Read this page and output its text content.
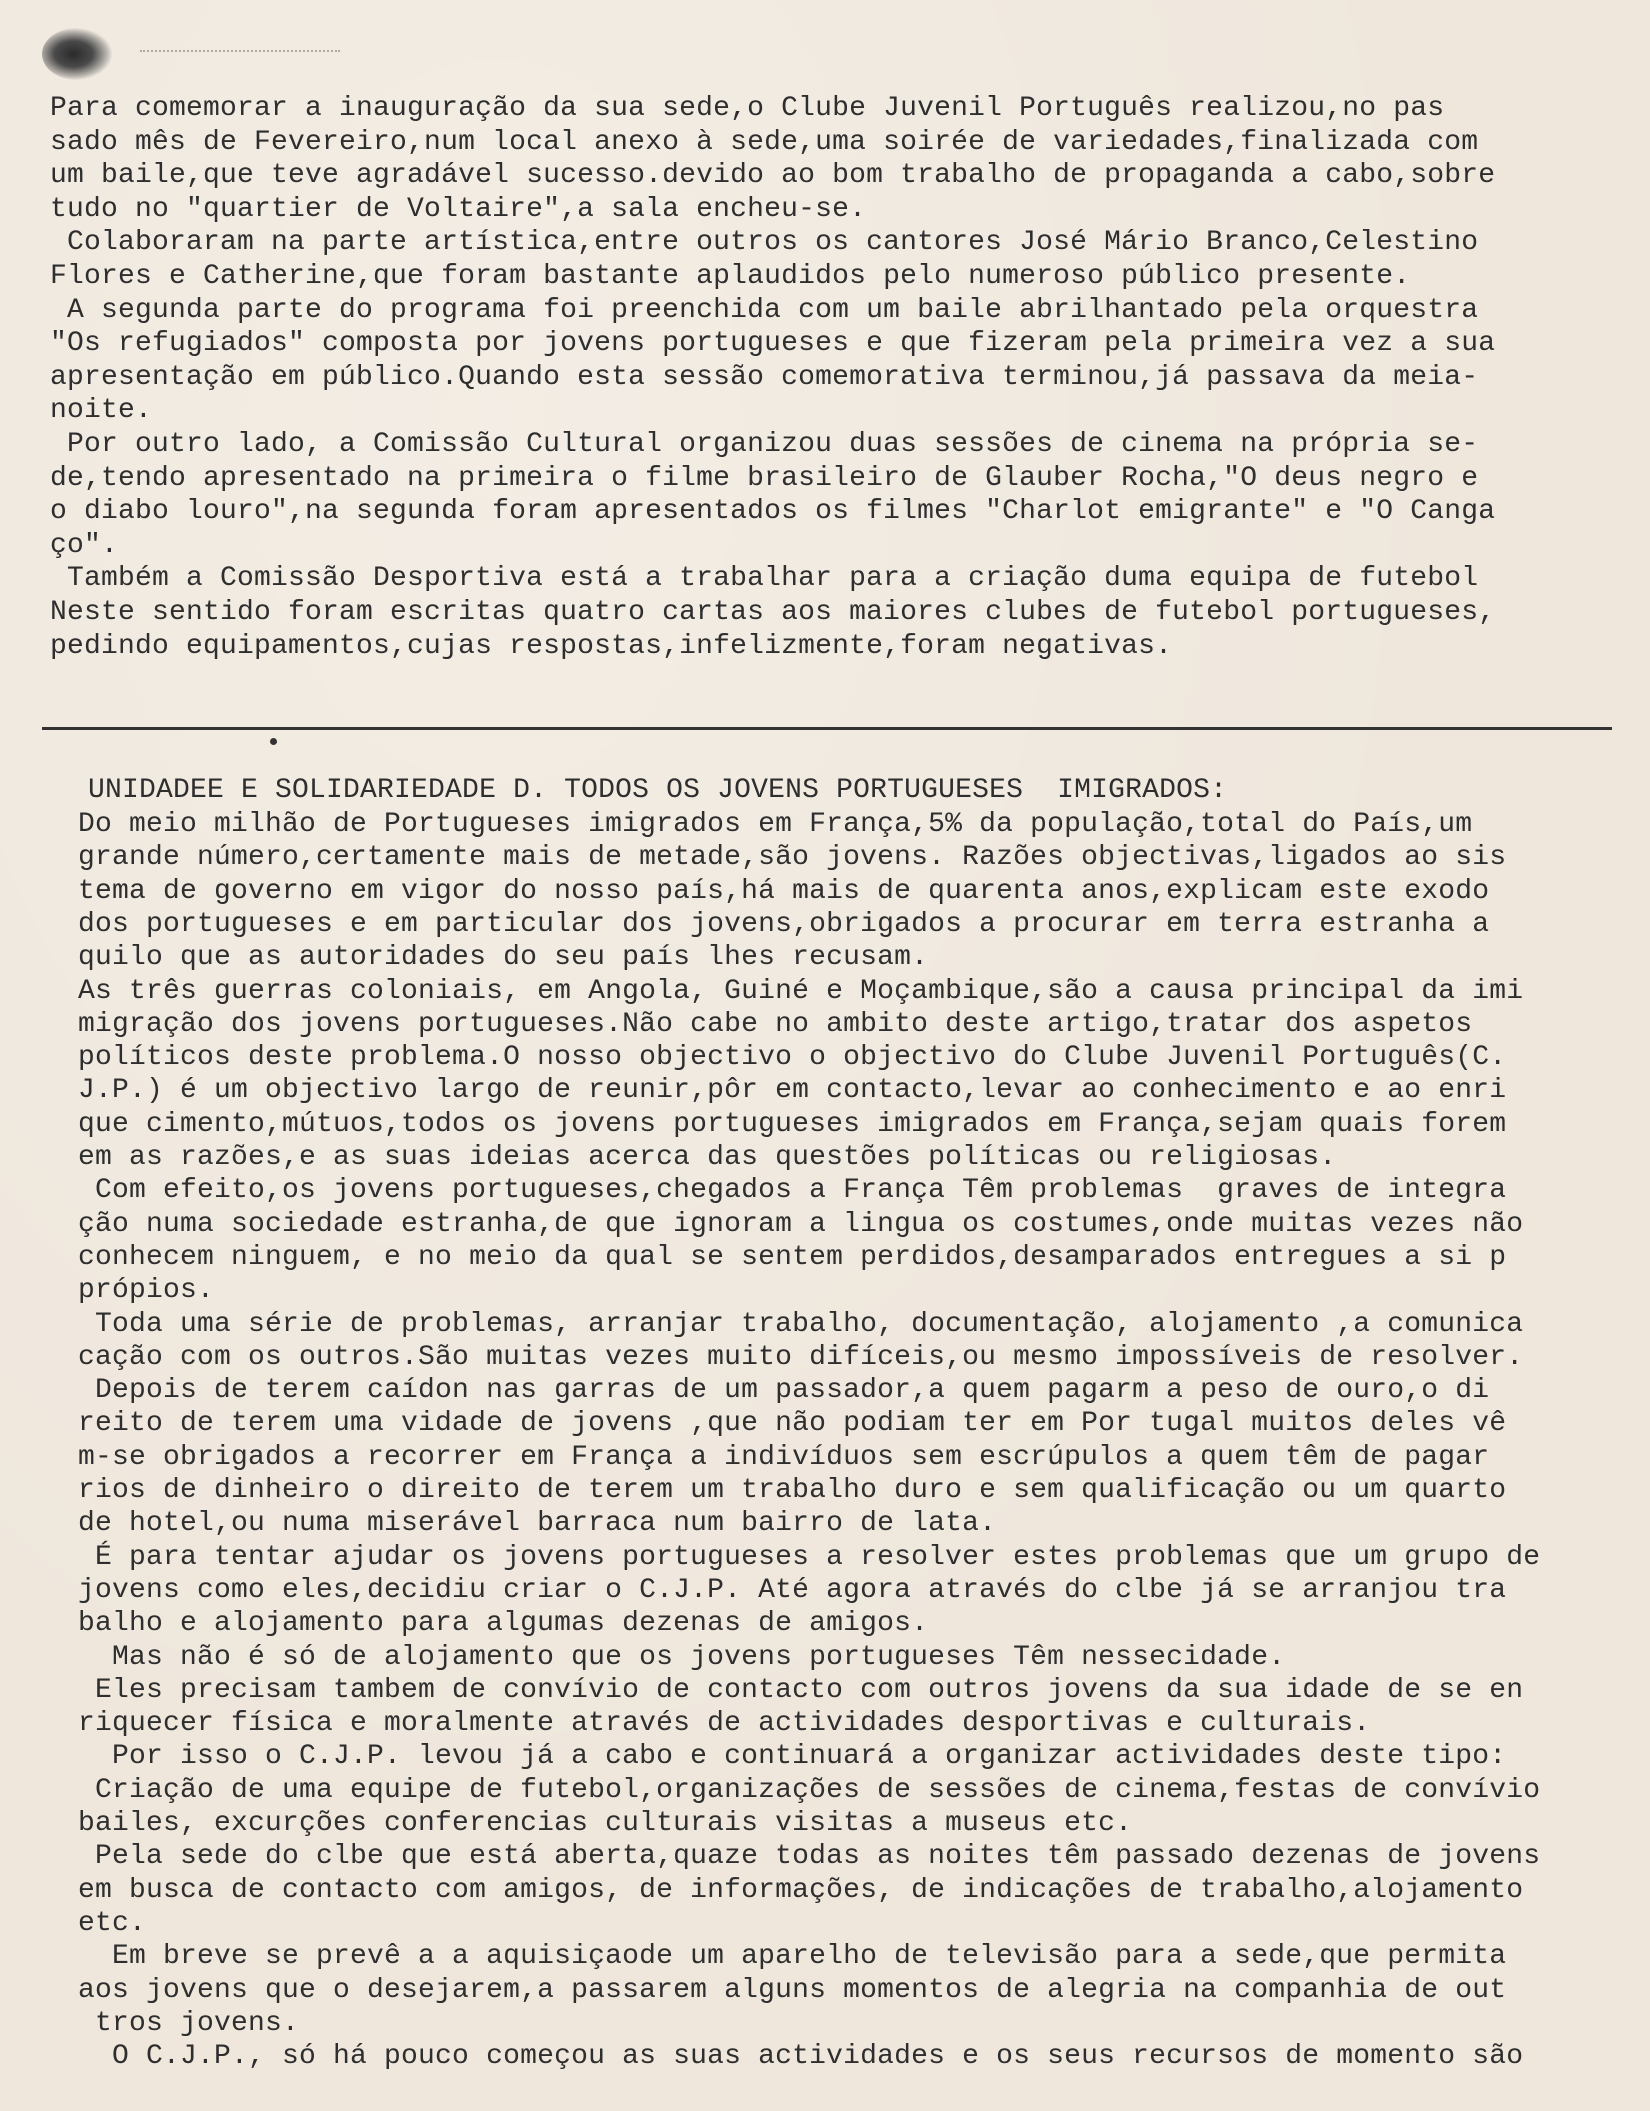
Para comemorar a inauguração da sua sede,o Clube Juvenil Português realizou,no pas
sado mês de Fevereiro,num local anexo à sede,uma soirée de variedades,finalizada com
um baile,que teve agradável sucesso.devido ao bom trabalho de propaganda a cabo,sobre
tudo no "quartier de Voltaire",a sala encheu-se.
Colaboraram na parte artística,entre outros os cantores José Mário Branco,Celestino
Flores e Catherine,que foram bastante aplaudidos pelo numeroso público presente.
A segunda parte do programa foi preenchida com um baile abrilhantado pela orquestra
"Os refugiados" composta por jovens portugueses e que fizeram pela primeira vez a sua
apresentação em público.Quando esta sessão comemorativa terminou,já passava da meia-
noite.
Por outro lado, a Comissão Cultural organizou duas sessões de cinema na própria se-
de,tendo apresentado na primeira o filme brasileiro de Glauber Rocha,"O deus negro e
o diabo louro",na segunda foram apresentados os filmes "Charlot emigrante" e "O Canga
ço".
Também a Comissão Desportiva está a trabalhar para a criação duma equipa de futebol
Neste sentido foram escritas quatro cartas aos maiores clubes de futebol portugueses,
pedindo equipamentos,cujas respostas,infelizmente,foram negativas.
UNIDADEE E SOLIDARIEDADE D. TODOS OS JOVENS PORTUGUESES  IMIGRADOS:
Do meio milhão de Portugueses imigrados em França,5% da população,total do País,um
grande número,certamente mais de metade,são jovens. Razões objectivas,ligados ao sis
tema de governo em vigor do nosso país,há mais de quarenta anos,explicam este exodo
dos portugueses e em particular dos jovens,obrigados a procurar em terra estranha a
quilo que as autoridades do seu país lhes recusam.
As três guerras coloniais, em Angola, Guiné e Moçambique,são a causa principal da imi
migração dos jovens portugueses.Não cabe no ambito deste artigo,tratar dos aspetos
políticos deste problema.O nosso objectivo o objectivo do Clube Juvenil Português(C.
J.P.) é um objectivo largo de reunir,pôr em contacto,levar ao conhecimento e ao enri
que cimento,mútuos,todos os jovens portugueses imigrados em França,sejam quais forem
em as razões,e as suas ideias acerca das questões políticas ou religiosas.
Com efeito,os jovens portugueses,chegados a França Têm problemas  graves de integra
ção numa sociedade estranha,de que ignoram a lingua os costumes,onde muitas vezes não
conhecem ninguem, e no meio da qual se sentem perdidos,desamparados entregues a si p
própios.
Toda uma série de problemas, arranjar trabalho, documentação, alojamento ,a comunica
cação com os outros.São muitas vezes muito difíceis,ou mesmo impossíveis de resolver.
Depois de terem caídon nas garras de um passador,a quem pagarm a peso de ouro,o di
reito de terem uma vidade de jovens ,que não podiam ter em Por tugal muitos deles vê
m-se obrigados a recorrer em França a indivíduos sem escrúpulos a quem têm de pagar
rios de dinheiro o direito de terem um trabalho duro e sem qualificação ou um quarto
de hotel,ou numa miserável barraca num bairro de lata.
É para tentar ajudar os jovens portugueses a resolver estes problemas que um grupo de
jovens como eles,decidiu criar o C.J.P. Até agora através do clbe já se arranjou tra
balho e alojamento para algumas dezenas de amigos.
Mas não é só de alojamento que os jovens portugueses Têm nessecidade.
Eles precisam tambem de convívio de contacto com outros jovens da sua idade de se en
riquecer física e moralmente através de actividades desportivas e culturais.
Por isso o C.J.P. levou já a cabo e continuará a organizar actividades deste tipo:
Criação de uma equipe de futebol,organizações de sessões de cinema,festas de convívio
bailes, excurções conferencias culturais visitas a museus etc.
Pela sede do clbe que está aberta,quaze todas as noites têm passado dezenas de jovens
em busca de contacto com amigos, de informações, de indicações de trabalho,alojamento
etc.
Em breve se prevê a a aquisiçaode um aparelho de televisão para a sede,que permita
aos jovens que o desejarem,a passarem alguns momentos de alegria na companhia de out
tros jovens.
O C.J.P., só há pouco começou as suas actividades e os seus recursos de momento são
